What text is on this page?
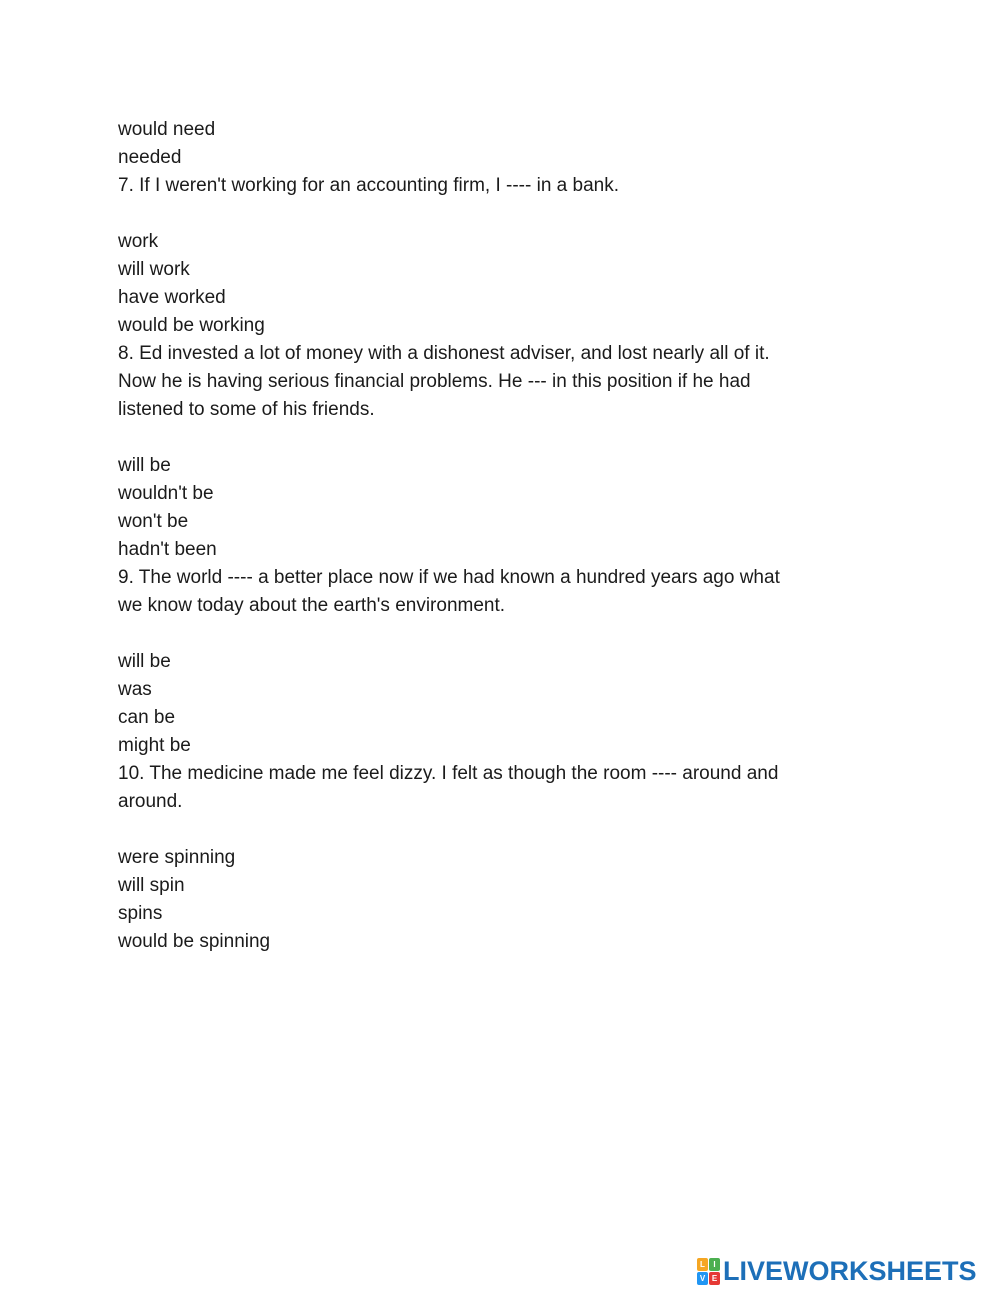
would need
needed
7. If I weren't working for an accounting firm, I ---- in a bank.
work
will work
have worked
would be working
8. Ed invested a lot of money with a dishonest adviser, and lost nearly all of it.
Now he is having serious financial problems. He --- in this position if he had
listened to some of his friends.
will be
wouldn't be
won't be
hadn't been
9. The world ---- a better place now if we had known a hundred years ago what
we know today about the earth's environment.
will be
was
can be
might be
10. The medicine made me feel dizzy. I felt as though the room ---- around and
around.
were spinning
will spin
spins
would be spinning
L	I
V E LIVEWORKSHEETS
